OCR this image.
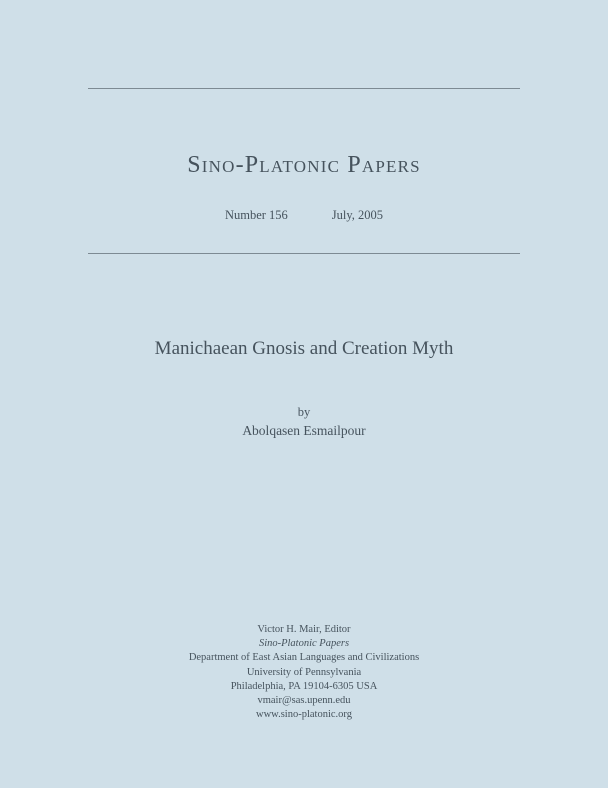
Sino-Platonic Papers
Number 156	July, 2005
Manichaean Gnosis and Creation Myth
by
Abolqasen Esmailpour
Victor H. Mair, Editor
Sino-Platonic Papers
Department of East Asian Languages and Civilizations
University of Pennsylvania
Philadelphia, PA 19104-6305 USA
vmair@sas.upenn.edu
www.sino-platonic.org
